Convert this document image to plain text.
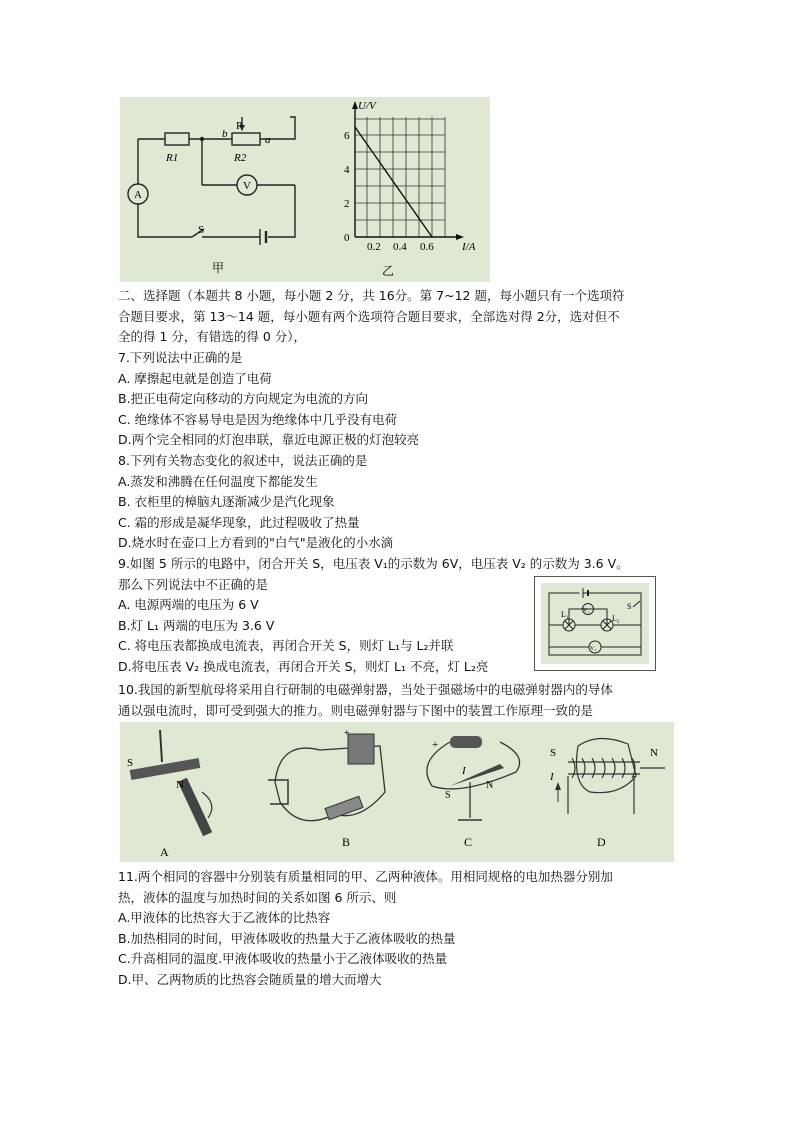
A
V
S
R1	R2
a
b
P
甲
U/V
I/A
0
2
4
6
0.2 0.4 0.6
乙
二、选择题（本题共 8 小题，每小题 2 分，共 16分。第 7~12 题，每小题只有一个选项符
合题目要求，第 13～14 题，每小题有两个选项符合题目要求，全部选对得 2分，选对但不
全的得 1 分，有错选的得 0 分），
7.下列说法中正确的是
A. 摩擦起电就是创造了电荷
B.把正电荷定向移动的方向规定为电流的方向
C. 绝缘体不容易导电是因为绝缘体中几乎没有电荷
D.两个完全相同的灯泡串联，靠近电源正极的灯泡较亮
8.下列有关物态变化的叙述中，说法正确的是
A.蒸发和沸腾在任何温度下都能发生
B. 衣柜里的樟脑丸逐渐减少是汽化现象
C. 霜的形成是凝华现象，此过程吸收了热量
D.烧水时在壶口上方看到的"白气"是液化的小水滴
9.如图 5 所示的电路中，闭合开关 S，电压表 V₁的示数为 6V，电压表 V₂ 的示数为 3.6 V。
那么下列说法中不正确的是
A. 电源两端的电压为 6 V
B.灯 L₁ 两端的电压为 3.6 V
C. 将电压表都换成电流表，再闭合开关 S，则灯 L₁与 L₂并联
D.将电压表 V₂ 换成电流表，再闭合开关 S，则灯 L₁ 不亮，灯 L₂亮
L₁	L₂
V₁
V₂
S
10.我国的新型航母将采用自行研制的电磁弹射器，当处于强磁场中的电磁弹射器内的导体
通以强电流时，即可受到强大的推力。则电磁弹射器与下图中的装置工作原理一致的是
S
N
A
+
B
+
I
S
N
C
S	N
I
D
11.两个相同的容器中分别装有质量相同的甲、乙两种液体。用相同规格的电加热器分别加
热，液体的温度与加热时间的关系如图 6 所示、则
A.甲液体的比热容大于乙液体的比热容
B.加热相同的时间，甲液体吸收的热量大于乙液体吸收的热量
C.升高相同的温度.甲液体吸收的热量小于乙液体吸收的热量
D.甲、乙两物质的比热容会随质量的增大而增大
